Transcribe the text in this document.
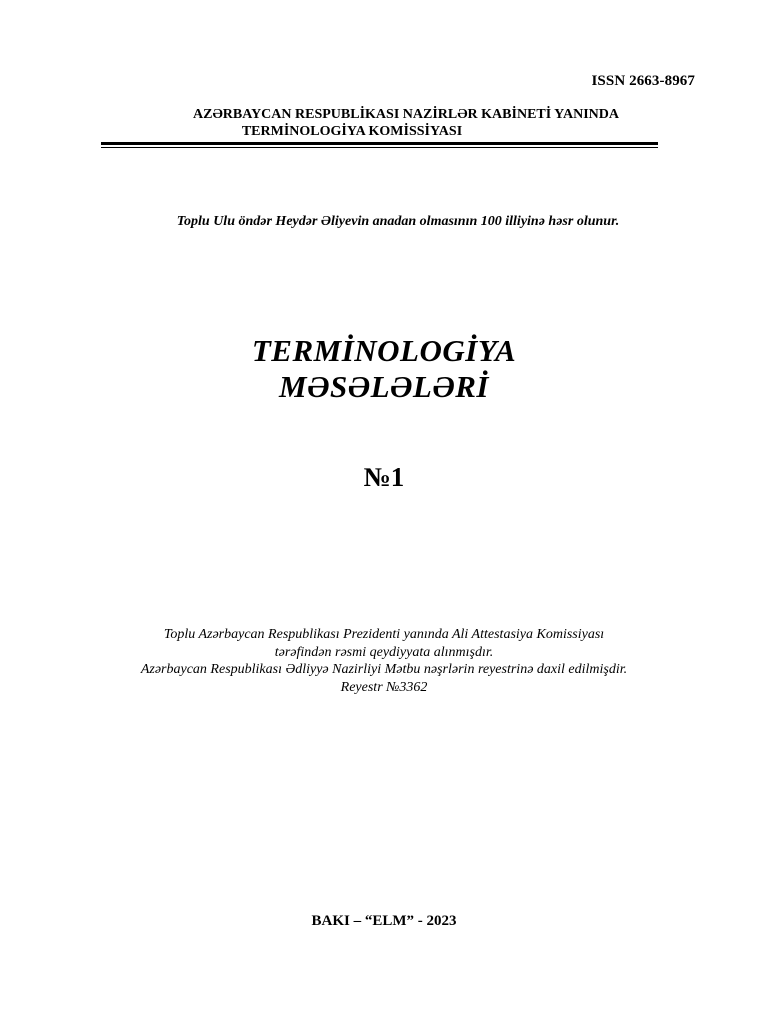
ISSN 2663-8967
AZƏRBAYCAN RESPUBLİKASI NAZİRLƏR KABİNETİ YANINDA

TERMİNOLOGİYA KOMİSSİYASI
Toplu Ulu öndər Heydər Əliyevin anadan olmasının 100 illiyinə həsr olunur.
TERMİNOLOGİYA
MƏSƏLƏLƏRİ
№1
Toplu Azərbaycan Respublikası Prezidenti yanında Ali Attestasiya Komissiyası
tərəfindən rəsmi qeydiyyata alınmışdır.
Azərbaycan Respublikası Ədliyyə Nazirliyi Mətbu nəşrlərin reyestrinə daxil edilmişdir.
Reyestr №3362
BAKI – “ELM” - 2023
